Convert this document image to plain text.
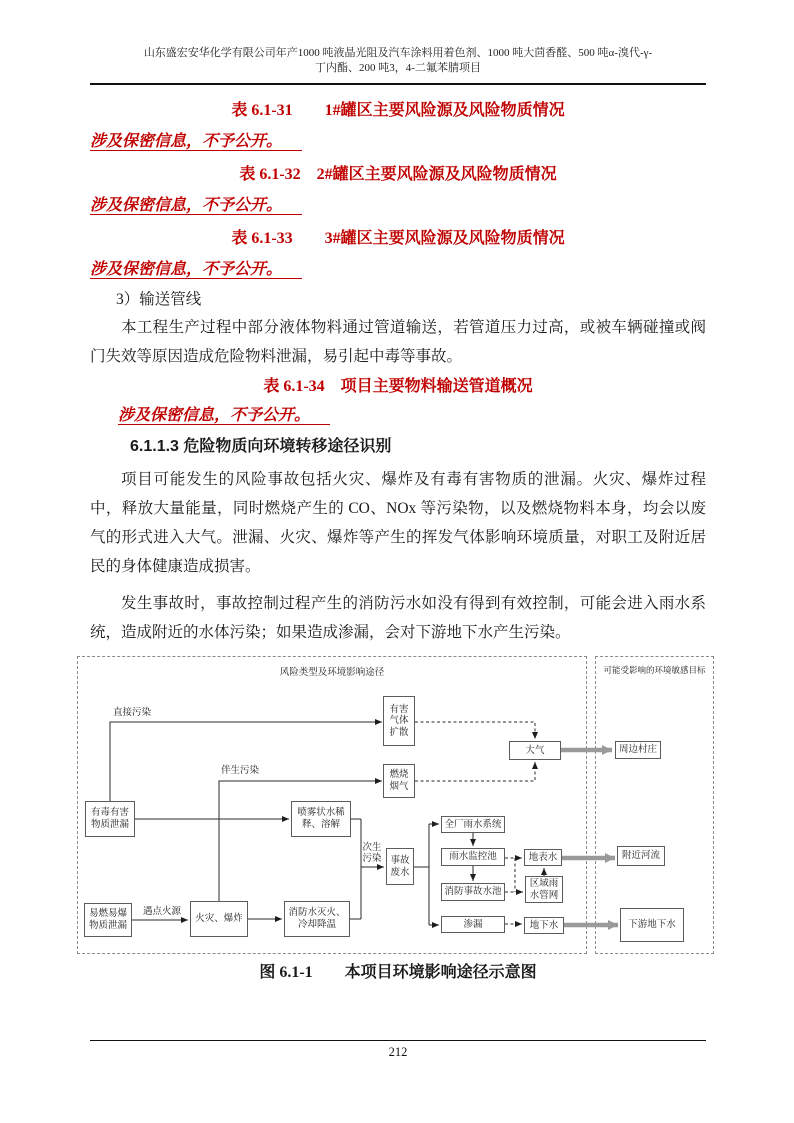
山东盛宏安华化学有限公司年产1000 吨液晶光阻及汽车涂料用着色剂、1000 吨大茴香醛、500 吨α-溴代-γ-
丁内酯、200 吨3，4-二氟苯腈项目

表 6.1-31　　1#罐区主要风险源及风险物质情况

涉及保密信息，不予公开。

表 6.1-32　2#罐区主要风险源及风险物质情况

涉及保密信息，不予公开。

表 6.1-33　　3#罐区主要风险源及风险物质情况

涉及保密信息，不予公开。

3）输送管线

本工程生产过程中部分液体物料通过管道输送，若管道压力过高，或被车辆碰撞或阀门失效等原因造成危险物料泄漏，易引起中毒等事故。

表 6.1-34　项目主要物料输送管道概况

涉及保密信息，不予公开。

6.1.1.3 危险物质向环境转移途径识别

项目可能发生的风险事故包括火灾、爆炸及有毒有害物质的泄漏。火灾、爆炸过程中，释放大量能量，同时燃烧产生的 CO、NOx 等污染物，以及燃烧物料本身，均会以废气的形式进入大气。泄漏、火灾、爆炸等产生的挥发气体影响环境质量，对职工及附近居民的身体健康造成损害。

发生事故时，事故控制过程产生的消防污水如没有得到有效控制，可能会进入雨水系统，造成附近的水体污染；如果造成渗漏，会对下游地下水产生污染。

风险类型及环境影响途径	可能受影响的环境敏感目标
有害气体扩散
燃烧烟气
大气
有毒有害物质泄漏
喷雾状水稀释、溶解
易燃易爆物质泄漏
火灾、爆炸
消防水灭火、冷却降温
事故废水
全厂雨水系统
雨水监控池
消防事故水池
地表水
区域雨水管网
渗漏	地下水
周边村庄
附近河流
下游地下水
直接污染
伴生污染
遇点火源
次生污染

图 6.1-1　　本项目环境影响途径示意图

212
